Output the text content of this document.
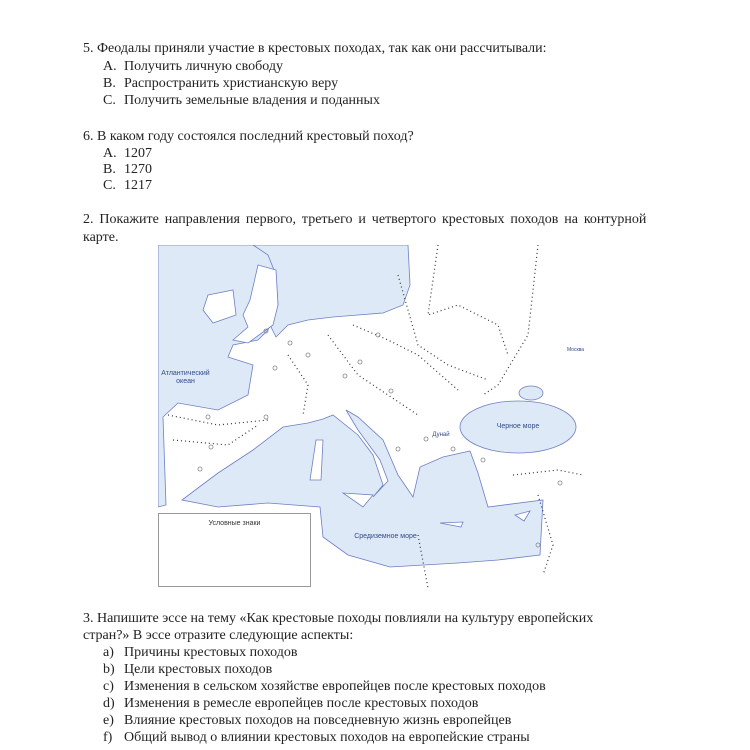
5. Феодалы приняли участие в крестовых походах, так как они рассчитывали:
A. Получить личную свободу
B. Распространить христианскую веру
C. Получить земельные владения и поданных
6. В каком году состоялся последний крестовый поход?
A. 1207
B. 1270
C. 1217
2. Покажите направления первого, третьего и четвертого крестовых походов на контурной
карте.
Атлантический океан
Черное море
Средиземное море
Дунай
Москва
Условные знаки
3. Напишите эссе на тему «Как крестовые походы повлияли на культуру европейских
стран?» В эссе отразите следующие аспекты:
a) Причины крестовых походов
b) Цели крестовых походов
c) Изменения в сельском хозяйстве европейцев после крестовых походов
d) Изменения в ремесле европейцев после крестовых походов
e) Влияние крестовых походов на повседневную жизнь европейцев
f) Общий вывод о влиянии крестовых походов на европейские страны
